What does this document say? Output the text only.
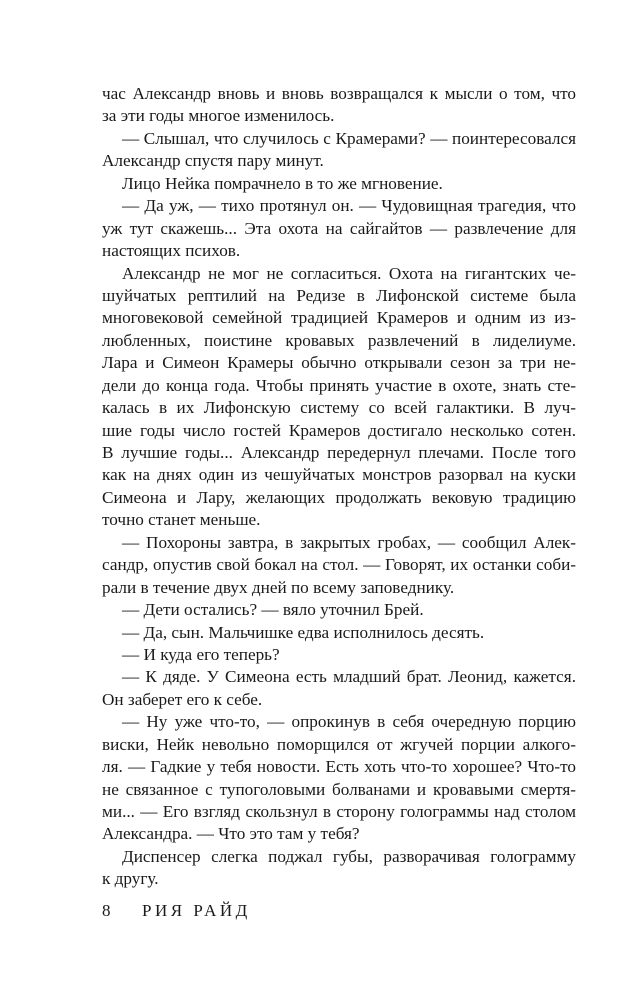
час Александр вновь и вновь возвращался к мысли о том, что
за эти годы многое изменилось.
— Слышал, что случилось с Крамерами? — поинтересовался
Александр спустя пару минут.
Лицо Нейка помрачнело в то же мгновение.
— Да уж, — тихо протянул он. — Чудовищная трагедия, что
уж тут скажешь... Эта охота на сайгайтов — развлечение для
настоящих психов.
Александр не мог не согласиться. Охота на гигантских че-
шуйчатых рептилий на Редизе в Лифонской системе была
многовековой семейной традицией Крамеров и одним из из-
любленных, поистине кровавых развлечений в лиделиуме.
Лара и Симеон Крамеры обычно открывали сезон за три не-
дели до конца года. Чтобы принять участие в охоте, знать сте-
калась в их Лифонскую систему со всей галактики. В луч-
шие годы число гостей Крамеров достигало несколько сотен.
В лучшие годы... Александр передернул плечами. После того
как на днях один из чешуйчатых монстров разорвал на куски
Симеона и Лару, желающих продолжать вековую традицию
точно станет меньше.
— Похороны завтра, в закрытых гробах, — сообщил Алек-
сандр, опустив свой бокал на стол. — Говорят, их останки соби-
рали в течение двух дней по всему заповеднику.
— Дети остались? — вяло уточнил Брей.
— Да, сын. Мальчишке едва исполнилось десять.
— И куда его теперь?
— К дяде. У Симеона есть младший брат. Леонид, кажется.
Он заберет его к себе.
— Ну уже что-то, — опрокинув в себя очередную порцию
виски, Нейк невольно поморщился от жгучей порции алкого-
ля. — Гадкие у тебя новости. Есть хоть что-то хорошее? Что-то
не связанное с тупоголовыми болванами и кровавыми смертя-
ми... — Его взгляд скользнул в сторону голограммы над столом
Александра. — Что это там у тебя?
Диспенсер слегка поджал губы, разворачивая голограмму
к другу.
8 РИЯ РАЙД
